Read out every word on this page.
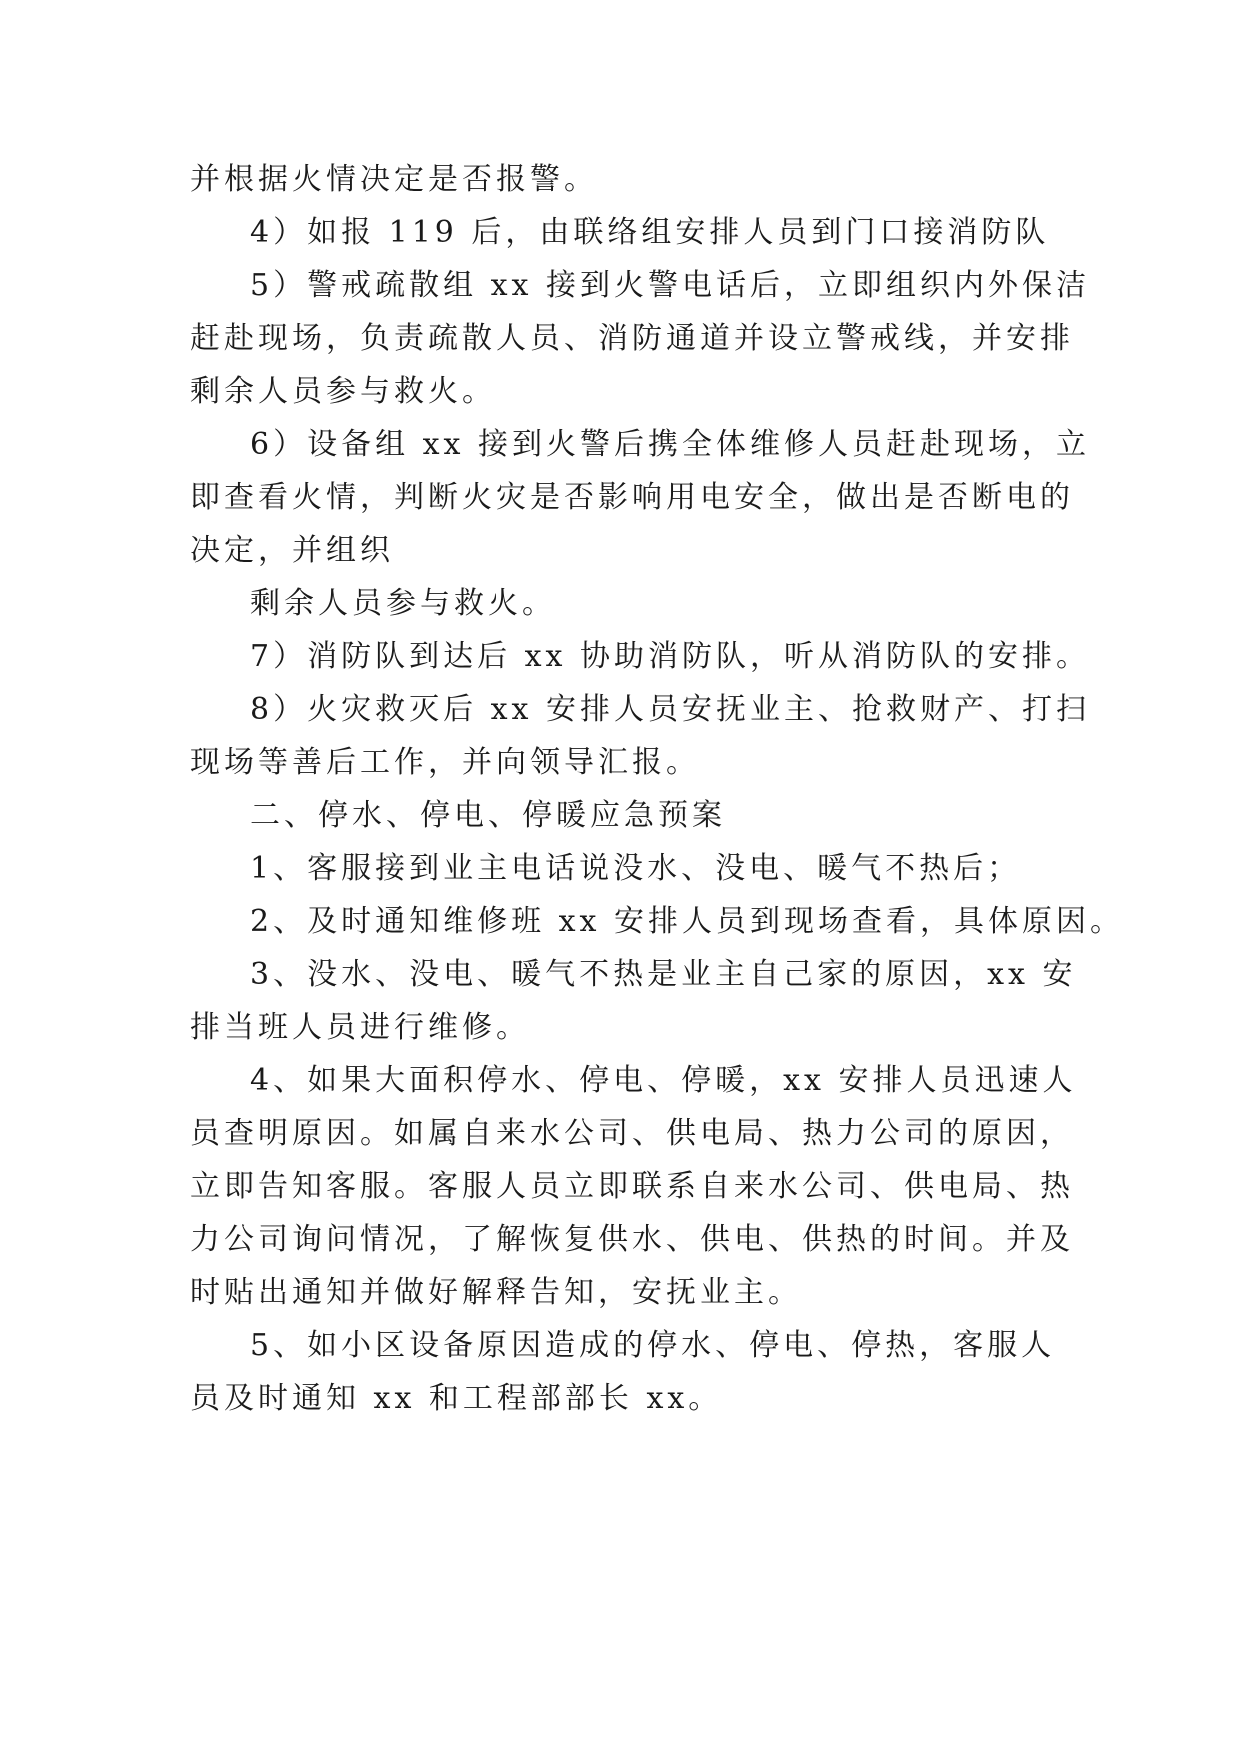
并根据火情决定是否报警。
4）如报 119 后，由联络组安排人员到门口接消防队
5）警戒疏散组 xx 接到火警电话后，立即组织内外保洁
赶赴现场，负责疏散人员、消防通道并设立警戒线，并安排
剩余人员参与救火。
6）设备组 xx 接到火警后携全体维修人员赶赴现场，立
即查看火情，判断火灾是否影响用电安全，做出是否断电的
决定，并组织
剩余人员参与救火。
7）消防队到达后 xx 协助消防队，听从消防队的安排。
8）火灾救灭后 xx 安排人员安抚业主、抢救财产、打扫
现场等善后工作，并向领导汇报。
二、停水、停电、停暖应急预案
1、客服接到业主电话说没水、没电、暖气不热后；
2、及时通知维修班 xx 安排人员到现场查看，具体原因。
3、没水、没电、暖气不热是业主自己家的原因，xx 安
排当班人员进行维修。
4、如果大面积停水、停电、停暖，xx 安排人员迅速人
员查明原因。如属自来水公司、供电局、热力公司的原因，
立即告知客服。客服人员立即联系自来水公司、供电局、热
力公司询问情况，了解恢复供水、供电、供热的时间。并及
时贴出通知并做好解释告知，安抚业主。
5、如小区设备原因造成的停水、停电、停热，客服人
员及时通知 xx 和工程部部长 xx。
